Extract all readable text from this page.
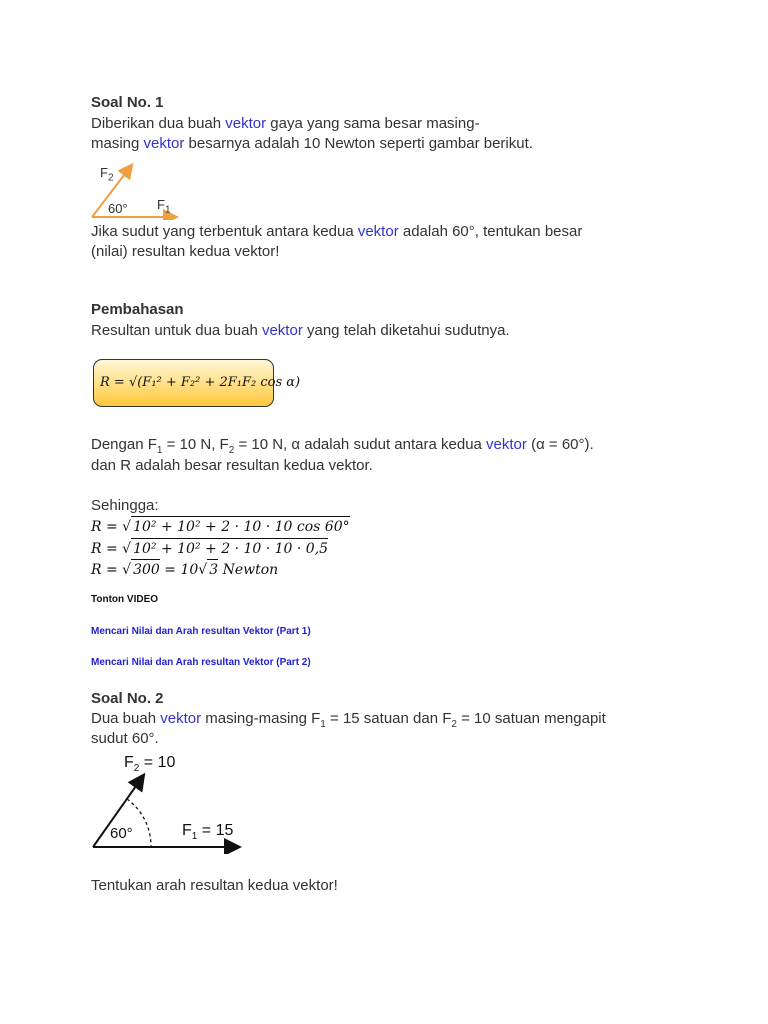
Soal No. 1
Diberikan dua buah vektor gaya yang sama besar masing-
masing vektor besarnya adalah 10 Newton seperti gambar berikut.
$F_2$
$F_1$
60°
Jika sudut yang terbentuk antara kedua vektor adalah 60°, tentukan besar
(nilai) resultan kedua vektor!
Pembahasan
Resultan untuk dua buah vektor yang telah diketahui sudutnya.
R = √(F₁² + F₂² + 2F₁F₂ cos α)
Dengan $F_1 = 10$ N, $F_2 = 10$ N, α adalah sudut antara kedua vektor (α = 60°).
dan R adalah besar resultan kedua vektor.
Sehingga:
R = √ 10² + 10² + 2 · 10 · 10 cos 60°
R = √ 10² + 10² + 2 · 10 · 10 · 0,5
R = √ 300 = 10√ 3 Newton
Tonton VIDEO
Mencari Nilai dan Arah resultan Vektor (Part 1)
Mencari Nilai dan Arah resultan Vektor (Part 2)
Soal No. 2
Dua buah vektor masing-masing $F_1 = 15$ satuan dan $F_2 = 10$ satuan mengapit
sudut 60°.
$F_2 = 10$
$F_1 = 15$
60°
Tentukan arah resultan kedua vektor!
